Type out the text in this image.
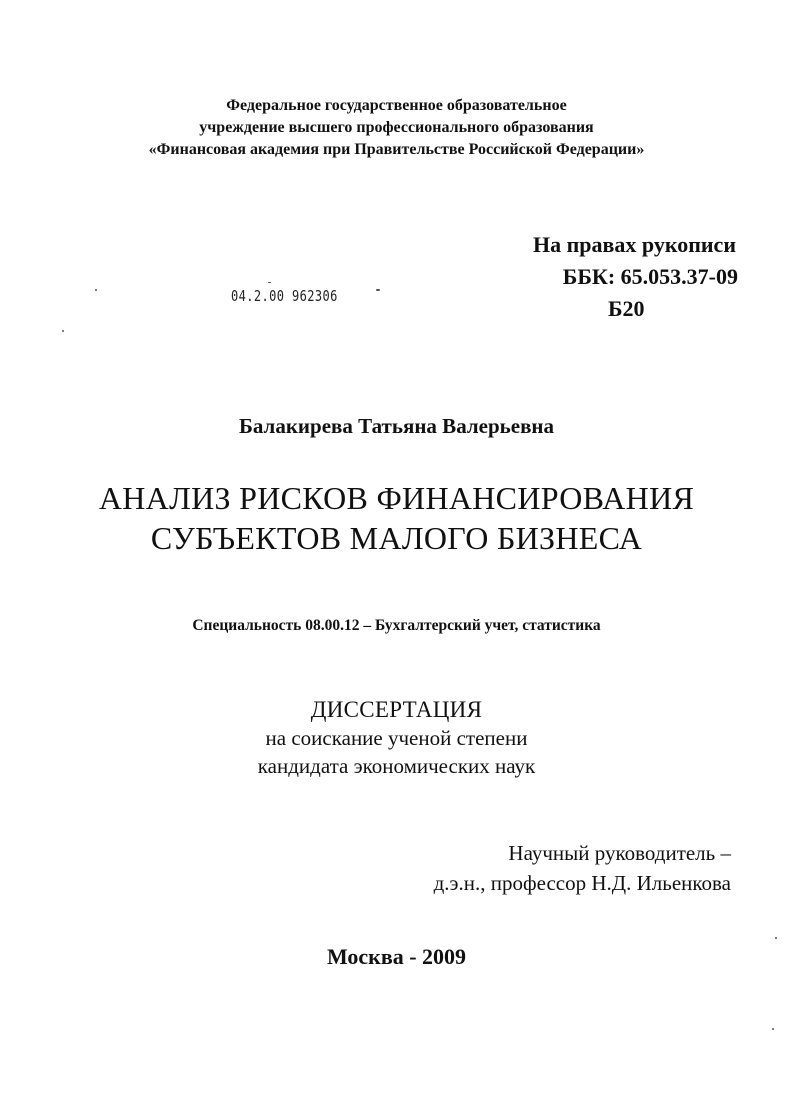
Федеральное государственное образовательное
учреждение высшего профессионального образования
«Финансовая академия при Правительстве Российской Федерации»
На правах рукописи
ББК: 65.053.37-09
Б20
04.2.00 962306
Балакирева Татьяна Валерьевна
АНАЛИЗ РИСКОВ ФИНАНСИРОВАНИЯ
СУБЪЕКТОВ МАЛОГО БИЗНЕСА
Специальность 08.00.12 – Бухгалтерский учет, статистика
ДИССЕРТАЦИЯ
на соискание ученой степени
кандидата экономических наук
Научный руководитель –
д.э.н., профессор Н.Д. Ильенкова
Москва - 2009
